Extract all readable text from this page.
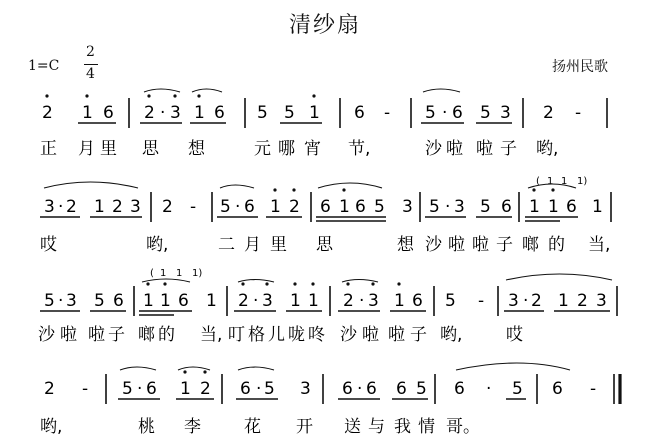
清纱扇
1=C
2
4	扬州民歌
2 1 6 2 · 3 1 6 5 5 1 6 - 5 · 6 5 3 2 -
正 月 里 思 想	元 哪 宵 节,	沙 啦 啦 子 哟,
( 1 1 1)
3 · 2 1 2 3 2 - 5 · 6 1 2 6 1 6 5 3 5 · 3 5 6 1 1 6 1
哎	哟,	二 月 里 思	想 沙 啦 啦 子 啷 的 当,
( 1 1 1)
5 · 3 5 6 1 1 6 1 2 · 3 1 1 2 · 3 1 6 5 - 3 · 2 1 2 3
沙 啦 啦 子 啷 的 当, 叮 格 儿 咙 咚 沙 啦 啦 子 哟,	哎
2 - 5 · 6 1 2 6 · 5 3 6 · 6 6 5 6 · 5 6 -
哟,	桃 李	花 开 送 与 我 情 哥。
